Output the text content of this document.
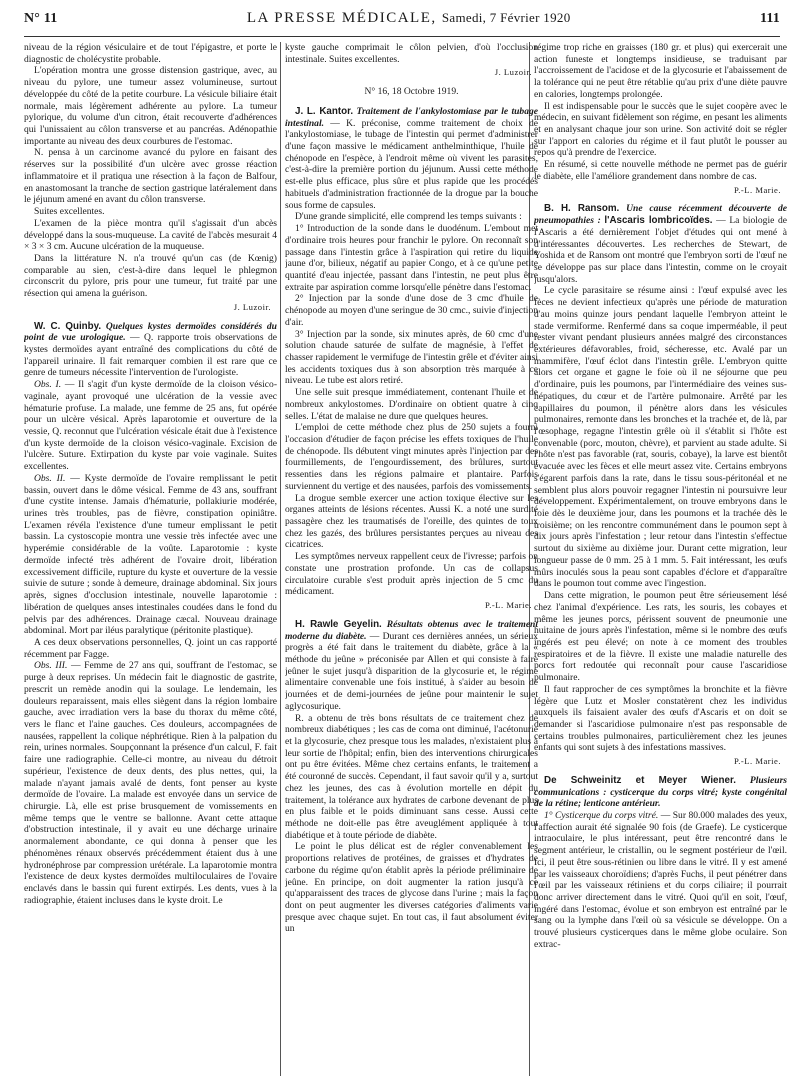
N° 11	LA PRESSE MÉDICALE, Samedi, 7 Février 1920	111

niveau de la région vésiculaire et de tout l'épigastre, et porte le diagnostic de cholécystite probable.

L'opération montra une grosse distension gastrique, avec, au niveau du pylore, une tumeur assez volumineuse, surtout développée du côté de la petite courbure. La vésicule biliaire était normale, mais légèrement adhérente au pylore. La tumeur pylorique, du volume d'un citron, était recouverte d'adhérences qui l'unissaient au côlon transverse et au pancréas. Adénopathie importante au niveau des deux courbures de l'estomac.

N. pensa à un carcinome avancé du pylore en faisant des réserves sur la possibilité d'un ulcère avec grosse réaction inflammatoire et il pratiqua une résection à la façon de Balfour, en anastomosant la tranche de section gastrique latéralement dans le jéjunum amené en avant du côlon transverse.

Suites excellentes.

L'examen de la pièce montra qu'il s'agissait d'un abcès développé dans la sous-muqueuse. La cavité de l'abcès mesurait 4 × 3 × 3 cm. Aucune ulcération de la muqueuse.

Dans la littérature N. n'a trouvé qu'un cas (de Kœnig) comparable au sien, c'est-à-dire dans lequel le phlegmon circonscrit du pylore, pris pour une tumeur, fut traité par une résection qui amena la guérison.

J. Luzoir.

W. C. Quinby. Quelques kystes dermoïdes considérés du point de vue urologique. — Q. rapporte trois observations de kystes dermoïdes ayant entraîné des complications du côté de l'appareil urinaire. Il fait remarquer combien il est rare que ce genre de tumeurs nécessite l'intervention de l'urologiste.

Obs. I. — Il s'agit d'un kyste dermoïde de la cloison vésico-vaginale, ayant provoqué une ulcération de la vessie avec hématurie profuse. La malade, une femme de 25 ans, fut opérée pour un ulcère vésical. Après laparotomie et ouverture de la vessie, Q. reconnut que l'ulcération vésicale était due à l'existence d'un kyste dermoïde de la cloison vésico-vaginale. Excision de l'ulcère. Suture. Extirpation du kyste par voie vaginale. Suites excellentes.

Obs. II. — Kyste dermoïde de l'ovaire remplissant le petit bassin, ouvert dans le dôme vésical. Femme de 43 ans, souffrant d'une cystite intense. Jamais d'hématurie, pollakiurie modérée, urines très troubles, pas de fièvre, constipation opiniâtre. L'examen révéla l'existence d'une tumeur emplissant le petit bassin. La cystoscopie montra une vessie très infectée avec une hyperémie considérable de la voûte. Laparotomie : kyste dermoïde infecté très adhérent de l'ovaire droit, libération excessivement difficile, rupture du kyste et ouverture de la vessie suivie de suture ; sonde à demeure, drainage abdominal. Six jours après, signes d'occlusion intestinale, nouvelle laparotomie : libération de quelques anses intestinales coudées dans le fond du pelvis par des adhérences. Drainage cæcal. Nouveau drainage abdominal. Mort par iléus paralytique (péritonite plastique).

A ces deux observations personnelles, Q. joint un cas rapporté récemment par Fagge.

Obs. III. — Femme de 27 ans qui, souffrant de l'estomac, se purge à deux reprises. Un médecin fait le diagnostic de gastrite, prescrit un remède anodin qui la soulage. Le lendemain, les douleurs reparaissent, mais elles siègent dans la région lombaire gauche, avec irradiation vers la base du thorax du même côté, vers le flanc et l'aine gauches. Ces douleurs, accompagnées de nausées, rappellent la colique néphrétique. Rien à la palpation du rein, urines normales. Soupçonnant la présence d'un calcul, F. fait faire une radiographie. Celle-ci montre, au niveau du détroit supérieur, l'existence de deux dents, des plus nettes, qui, la malade n'ayant jamais avalé de dents, font penser au kyste dermoïde de l'ovaire. La malade est envoyée dans un service de chirurgie. Là, elle est prise brusquement de vomissements en même temps que le ventre se ballonne. Avant cette attaque d'obstruction intestinale, il y avait eu une décharge urinaire anormalement abondante, ce qui donna à penser que les phénomènes rénaux observés précédemment étaient dus à une hydronéphrose par compression urétérale. La laparotomie montra l'existence de deux kystes dermoïdes multiloculaires de l'ovaire enclavés dans le bassin qui furent extirpés. Les dents, vues à la radiographie, étaient incluses dans le kyste droit. Le

kyste gauche comprimait le côlon pelvien, d'où l'occlusion intestinale. Suites excellentes.

J. Luzoir.

N° 16, 18 Octobre 1919.

J. L. Kantor. Traitement de l'ankylostomiase par le tubage intestinal. — K. préconise, comme traitement de choix de l'ankylostomiase, le tubage de l'intestin qui permet d'administrer d'une façon massive le médicament anthelminthique, l'huile de chénopode en l'espèce, à l'endroit même où vivent les parasites, c'est-à-dire la première portion du jéjunum. Aussi cette méthode est-elle plus efficace, plus sûre et plus rapide que les procédés habituels d'administration fractionnée de la drogue par la bouche sous forme de capsules.

D'une grande simplicité, elle comprend les temps suivants :

1° Introduction de la sonde dans le duodénum. L'embout met d'ordinaire trois heures pour franchir le pylore. On reconnaît son passage dans l'intestin grâce à l'aspiration qui retire du liquide jaune d'or, bilieux, négatif au papier Congo, et à ce qu'une petite quantité d'eau injectée, passant dans l'intestin, ne peut plus être extraite par aspiration comme lorsqu'elle pénètre dans l'estomac.

2° Injection par la sonde d'une dose de 3 cmc d'huile de chénopode au moyen d'une seringue de 30 cmc., suivie d'injection d'air.

3° Injection par la sonde, six minutes après, de 60 cmc d'une solution chaude saturée de sulfate de magnésie, à l'effet de chasser rapidement le vermifuge de l'intestin grêle et d'éviter ainsi les accidents toxiques dus à son absorption très marquée à ce niveau. Le tube est alors retiré.

Une selle suit presque immédiatement, contenant l'huile et de nombreux ankylostomes. D'ordinaire on obtient quatre à cinq selles. L'état de malaise ne dure que quelques heures.

L'emploi de cette méthode chez plus de 250 sujets a fourni l'occasion d'étudier de façon précise les effets toxiques de l'huile de chénopode. Ils débutent vingt minutes après l'injection par des fourmillements, de l'engourdissement, des brûlures, surtout ressenties dans les régions palmaire et plantaire. Parfois surviennent du vertige et des nausées, parfois des vomissements.

La drogue semble exercer une action toxique élective sur les organes atteints de lésions récentes. Aussi K. a noté une surdité passagère chez les traumatisés de l'oreille, des quintes de toux chez les gazés, des brûlures persistantes perçues au niveau des cicatrices.

Les symptômes nerveux rappellent ceux de l'ivresse; parfois on constate une prostration profonde. Un cas de collapsus circulatoire curable s'est produit après injection de 5 cmc du médicament.

P.-L. Marie.

H. Rawle Geyelin. Résultats obtenus avec le traitement moderne du diabète. — Durant ces dernières années, un sérieux progrès a été fait dans le traitement du diabète, grâce à la « méthode du jeûne » préconisée par Allen et qui consiste à faire jeûner le sujet jusqu'à disparition de la glycosurie et, le régime alimentaire convenable une fois institué, à s'aider au besoin de journées et de demi-journées de jeûne pour maintenir le sujet aglycosurique.

R. a obtenu de très bons résultats de ce traitement chez de nombreux diabétiques ; les cas de coma ont diminué, l'acétonurie et la glycosurie, chez presque tous les malades, n'existaient plus à leur sortie de l'hôpital; enfin, bien des interventions chirurgicales ont pu être évitées. Même chez certains enfants, le traitement a été couronné de succès. Cependant, il faut savoir qu'il y a, surtout chez les jeunes, des cas à évolution mortelle en dépit du traitement, la tolérance aux hydrates de carbone devenant de plus en plus faible et le poids diminuant sans cesse. Aussi cette méthode ne doit-elle pas être aveuglément appliquée à tout diabétique et à toute période de diabète.

Le point le plus délicat est de régler convenablement les proportions relatives de protéines, de graisses et d'hydrates de carbone du régime qu'on établit après la période préliminaire de jeûne. En principe, on doit augmenter la ration jusqu'à ce qu'apparaissent des traces de glycose dans l'urine ; mais la façon dont on peut augmenter les diverses catégories d'aliments varie presque avec chaque sujet. En tout cas, il faut absolument éviter un

régime trop riche en graisses (180 gr. et plus) qui exercerait une action funeste et longtemps insidieuse, se traduisant par l'accroissement de l'acidose et de la glycosurie et l'abaissement de la tolérance qui ne peut être rétablie qu'au prix d'une diète pauvre en calories, longtemps prolongée.

Il est indispensable pour le succès que le sujet coopère avec le médecin, en suivant fidèlement son régime, en pesant les aliments et en analysant chaque jour son urine. Son activité doit se régler sur l'apport en calories du régime et il faut plutôt le pousser au repos qu'à prendre de l'exercice.

En résumé, si cette nouvelle méthode ne permet pas de guérir le diabète, elle l'améliore grandement dans nombre de cas.

P.-L. Marie.

B. H. Ransom. Une cause récemment découverte de pneumopathies : l'Ascaris lombricoïdes. — La biologie de l'Ascaris a été dernièrement l'objet d'études qui ont mené à d'intéressantes découvertes. Les recherches de Stewart, de Yoshida et de Ransom ont montré que l'embryon sorti de l'œuf ne se développe pas sur place dans l'intestin, comme on le croyait jusqu'alors.

Le cycle parasitaire se résume ainsi : l'œuf expulsé avec les fèces ne devient infectieux qu'après une période de maturation d'au moins quinze jours pendant laquelle l'embryon atteint le stade vermiforme. Renfermé dans sa coque imperméable, il peut rester vivant pendant plusieurs années malgré des circonstances extérieures défavorables, froid, sécheresse, etc. Avalé par un mammifère, l'œuf éclot dans l'intestin grêle. L'embryon quitte alors cet organe et gagne le foie où il ne séjourne que peu d'ordinaire, puis les poumons, par l'intermédiaire des veines sus-hépatiques, du cœur et de l'artère pulmonaire. Arrêté par les capillaires du poumon, il pénètre alors dans les vésicules pulmonaires, remonte dans les bronches et la trachée et, de là, par l'œsophage, regagne l'intestin grêle où il s'établit si l'hôte est convenable (porc, mouton, chèvre), et parvient au stade adulte. Si l'hôte n'est pas favorable (rat, souris, cobaye), la larve est bientôt évacuée avec les fèces et elle meurt assez vite. Certains embryons s'égarent parfois dans la rate, dans le tissu sous-péritonéal et ne semblent plus alors pouvoir regagner l'intestin ni poursuivre leur développement. Expérimentalement, on trouve embryons dans le foie dès le deuxième jour, dans les poumons et la trachée dès le troisième; on les rencontre communément dans le poumon sept à dix jours après l'infestation ; leur retour dans l'intestin s'effectue surtout du sixième au dixième jour. Durant cette migration, leur longueur passe de 0 mm. 25 à 1 mm. 5. Fait intéressant, les œufs mûrs inoculés sous la peau sont capables d'éclore et d'apparaître dans le poumon tout comme avec l'ingestion.

Dans cette migration, le poumon peut être sérieusement lésé chez l'animal d'expérience. Les rats, les souris, les cobayes et même les jeunes porcs, périssent souvent de pneumonie une huitaine de jours après l'infestation, même si le nombre des œufs ingérés est peu élevé; on note à ce moment des troubles respiratoires et de la fièvre. Il existe une maladie naturelle des porcs fort redoutée qui reconnaît pour cause l'ascaridiose pulmonaire.

Il faut rapprocher de ces symptômes la bronchite et la fièvre légère que Lutz et Mosler constatèrent chez les individus auxquels ils faisaient avaler des œufs d'Ascaris et on doit se demander si l'ascaridiose pulmonaire n'est pas responsable de certains troubles pulmonaires, particulièrement chez les jeunes enfants qui sont sujets à des infestations massives.

P.-L. Marie.

De Schweinitz et Meyer Wiener. Plusieurs communications : cysticerque du corps vitré; kyste congénital de la rétine; lenticone antérieur.

1° Cysticerque du corps vitré. — Sur 80.000 malades des yeux, l'affection aurait été signalée 90 fois (de Graefe). Le cysticerque intraoculaire, le plus intéressant, peut être rencontré dans le segment antérieur, le cristallin, ou le segment postérieur de l'œil. Ici, il peut être sous-rétinien ou libre dans le vitré. Il y est amené par les vaisseaux choroïdiens; d'après Fuchs, il peut pénétrer dans l'œil par les vaisseaux rétiniens et du corps ciliaire; il pourrait donc arriver directement dans le vitré. Quoi qu'il en soit, l'œuf, ingéré dans l'estomac, évolue et son embryon est entraîné par le sang ou la lymphe dans l'œil où sa vésicule se développe. On a trouvé plusieurs cysticerques dans le même globe oculaire. Son extrac-
